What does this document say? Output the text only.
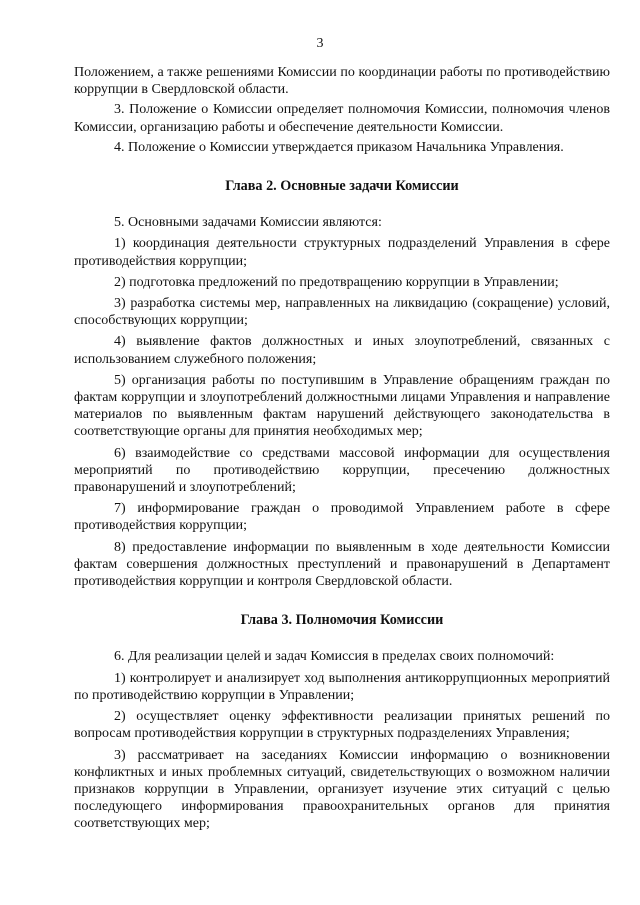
3

Положением, а также решениями Комиссии по координации работы по противодействию коррупции в Свердловской области.

3. Положение о Комиссии определяет полномочия Комиссии, полномочия членов Комиссии, организацию работы и обеспечение деятельности Комиссии.

4. Положение о Комиссии утверждается приказом Начальника Управления.

Глава 2. Основные задачи Комиссии

5. Основными задачами Комиссии являются:

1) координация деятельности структурных подразделений Управления в сфере противодействия коррупции;

2) подготовка предложений по предотвращению коррупции в Управлении;

3) разработка системы мер, направленных на ликвидацию (сокращение) условий, способствующих коррупции;

4) выявление фактов должностных и иных злоупотреблений, связанных с использованием служебного положения;

5) организация работы по поступившим в Управление обращениям граждан по фактам коррупции и злоупотреблений должностными лицами Управления и направление материалов по выявленным фактам нарушений действующего законодательства в соответствующие органы для принятия необходимых мер;

6) взаимодействие со средствами массовой информации для осуществления мероприятий по противодействию коррупции, пресечению должностных правонарушений и злоупотреблений;

7) информирование граждан о проводимой Управлением работе в сфере противодействия коррупции;

8) предоставление информации по выявленным в ходе деятельности Комиссии фактам совершения должностных преступлений и правонарушений в Департамент противодействия коррупции и контроля Свердловской области.

Глава 3. Полномочия Комиссии

6. Для реализации целей и задач Комиссия в пределах своих полномочий:

1) контролирует и анализирует ход выполнения антикоррупционных мероприятий по противодействию коррупции в Управлении;

2) осуществляет оценку эффективности реализации принятых решений по вопросам противодействия коррупции в структурных подразделениях Управления;

3) рассматривает на заседаниях Комиссии информацию о возникновении конфликтных и иных проблемных ситуаций, свидетельствующих о возможном наличии признаков коррупции в Управлении, организует изучение этих ситуаций с целью последующего информирования правоохранительных органов для принятия соответствующих мер;
